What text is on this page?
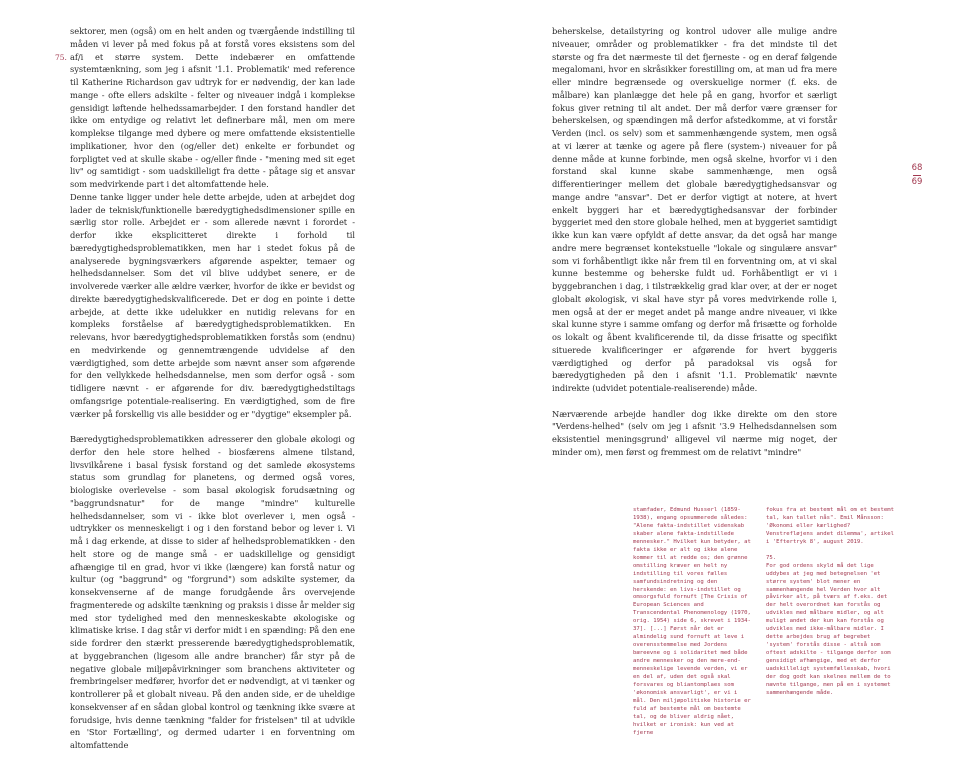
75.

sektorer, men (også) om en helt anden og tværgående indstilling til måden vi lever på med fokus på at forstå vores eksistens som del af/i et større system. Dette indebærer en omfattende systemtænkning, som jeg i afsnit '1.1. Problematik' med reference til Katherine Richardson gav udtryk for er nødvendig, der kan lade mange - ofte ellers adskilte - felter og niveauer indgå i komplekse gensidigt løftende helhedssamarbejder. I den forstand handler det ikke om entydige og relativt let definerbare mål, men om mere komplekse tilgange med dybere og mere omfattende eksistentielle implikationer, hvor den (og/eller det) enkelte er forbundet og forpligtet ved at skulle skabe - og/eller finde - "mening med sit eget liv" og samtidigt - som uadskilleligt fra dette - påtage sig et ansvar som medvirkende part i det altomfattende hele.

Denne tanke ligger under hele dette arbejde, uden at arbejdet dog lader de teknisk/funktionelle bæredygtighedsdimensioner spille en særlig stor rolle. Arbejdet er - som allerede nævnt i forordet - derfor ikke eksplicitteret direkte i forhold til bæredygtighedsproblematikken, men har i stedet fokus på de analyserede bygningsværkers afgørende aspekter, temaer og helhedsdannelser. Som det vil blive uddybet senere, er de involverede værker alle ældre værker, hvorfor de ikke er bevidst og direkte bæredygtighedskvalificerede. Det er dog en pointe i dette arbejde, at dette ikke udelukker en nutidig relevans for en kompleks forståelse af bæredygtighedsproblematikken. En relevans, hvor bæredygtighedsproblematikken forstås som (endnu) en medvirkende og gennemtrængende udvidelse af den værdigtighed, som dette arbejde som nævnt anser som afgørende for den vellykkede helhedsdannelse, men som derfor også - som tidligere nævnt - er afgørende for div. bæredygtighedstiltags omfangsrige potentiale-realisering. En værdigtighed, som de fire værker på forskellig vis alle besidder og er "dygtige" eksempler på.

Bæredygtighedsproblematikken adresserer den globale økologi og derfor den hele store helhed - biosfærens almene tilstand, livsvilkårene i basal fysisk forstand og det samlede økosystems status som grundlag for planetens, og dermed også vores, biologiske overlevelse - som basal økologisk forudsætning og "baggrundsnatur" for de mange "mindre" kulturelle helhedsdannelser, som vi - ikke blot overlever i, men også - udtrykker os menneskeligt i og i den forstand bebor og lever i. Vi må i dag erkende, at disse to sider af helhedsproblematikken - den helt store og de mange små - er uadskillelige og gensidigt afhængige til en grad, hvor vi ikke (længere) kan forstå natur og kultur (og "baggrund" og "forgrund") som adskilte systemer, da konsekvenserne af de mange forudgående års overvejende fragmenterede og adskilte tænkning og praksis i disse år melder sig med stor tydelighed med den menneskeskabte økologiske og klimatiske krise. I dag står vi derfor midt i en spænding: På den ene side fordrer den stærkt presserende bæredygtighedsproblematik, at byggebranchen (ligesom alle andre brancher) får styr på de negative globale miljøpåvirkninger som branchens aktiviteter og frembringelser medfører, hvorfor det er nødvendigt, at vi tænker og kontrollerer på et globalt niveau. På den anden side, er de uheldige konsekvenser af en sådan global kontrol og tænkning ikke svære at forudsige, hvis denne tænkning "falder for fristelsen" til at udvikle en 'Stor Fortælling', og dermed udarter i en forventning om altomfattende

beherskelse, detailstyring og kontrol udover alle mulige andre niveauer, områder og problematikker - fra det mindste til det største og fra det nærmeste til det fjerneste - og en deraf følgende megalomani, hvor en skråsikker forestilling om, at man ud fra mere eller mindre begrænsede og overskuelige normer (f. eks. de målbare) kan planlægge det hele på en gang, hvorfor et særligt fokus giver retning til alt andet. Der må derfor være grænser for beherskelsen, og spændingen må derfor afstedkomme, at vi forstår Verden (incl. os selv) som et sammenhængende system, men også at vi lærer at tænke og agere på flere (system-) niveauer for på denne måde at kunne forbinde, men også skelne, hvorfor vi i den forstand skal kunne skabe sammenhænge, men også differentieringer mellem det globale bæredygtighedsansvar og mange andre "ansvar". Det er derfor vigtigt at notere, at hvert enkelt byggeri har et bæredygtighedsansvar der forbinder byggeriet med den store globale helhed, men at byggeriet samtidigt ikke kun kan være opfyldt af dette ansvar, da det også har mange andre mere begrænset kontekstuelle "lokale og singulære ansvar" som vi forhåbentligt ikke når frem til en forventning om, at vi skal kunne bestemme og beherske fuldt ud. Forhåbentligt er vi i byggebranchen i dag, i tilstrækkelig grad klar over, at der er noget globalt økologisk, vi skal have styr på vores medvirkende rolle i, men også at der er meget andet på mange andre niveauer, vi ikke skal kunne styre i samme omfang og derfor må frisætte og forholde os lokalt og åbent kvalificerende til, da disse frisatte og specifikt situerede kvalificeringer er afgørende for hvert byggeris værdigtighed og derfor på paradoksal vis også for bæredygtigheden på den i afsnit '1.1. Problematik' nævnte indirekte (udvidet potentiale-realiserende) måde.

Nærværende arbejde handler dog ikke direkte om den store "Verdens-helhed" (selv om jeg i afsnit '3.9 Helhedsdannelsen som eksistentiel meningsgrund' alligevel vil nærme mig noget, der minder om), men først og fremmest om de relativt "mindre"

68
69

stamfader, Edmund Husserl (1859-1938), engang opsummerede således: "Alene fakta-indstillet videnskab skaber alene fakta-indstillede mennesker." Hvilket kun betyder, at fakta ikke er alt og ikke alene kommer til at redde os; den grønne omstilling kræver en helt ny indstilling til vores fælles samfundsindretning og den herskende: en livs-indstillet og omsorgsfuld fornuft [The Crisis of European Sciences and Transcendental Phenomenology (1970, orig. 1954) side 6, skrevet i 1934-37]. [...] Først når det er almindelig sund fornuft at leve i overensstemmelse med Jordens bæreevne og i solidaritet med både andre mennesker og den mere-end-menneskelige levende verden, vi er en del af, uden det også skal forsvares og bliantomplaes som 'økonomisk ansvarligt', er vi i mål. Den miljøpolitiske historie er fuld af bestemte mål om bestemte tal, og de bliver aldrig nået, hvilket er ironisk: kun ved at fjerne

fokus fra at bestemt mål om et bestemt tal, kan tallet nås". Emil Månsson: 'Økonomi eller kærlighed? Venstrefløjens andet dilemma', artikel i 'Eftertryk 8', august 2019.

75.

For god ordens skyld må det lige uddybes at jeg med betegnelsen 'et større system' blot mener en sammenhængende hel Verden hvor alt påvirker alt, på tværs af f.eks. det der helt overordnet kan forstås og udvikles med målbare midler, og alt muligt andet der kun kan forstås og udvikles med ikke-målbare midler. I dette arbejdes brug af begrebet 'system' forstås disse - altså som oftest adskilte - tilgange derfor som gensidigt afhængige, med et derfor uadskilleligt systemfællesskab, hvori der dog godt kan skelnes mellem de to nævnte tilgange, men på en i systemet sammenhængende måde.
